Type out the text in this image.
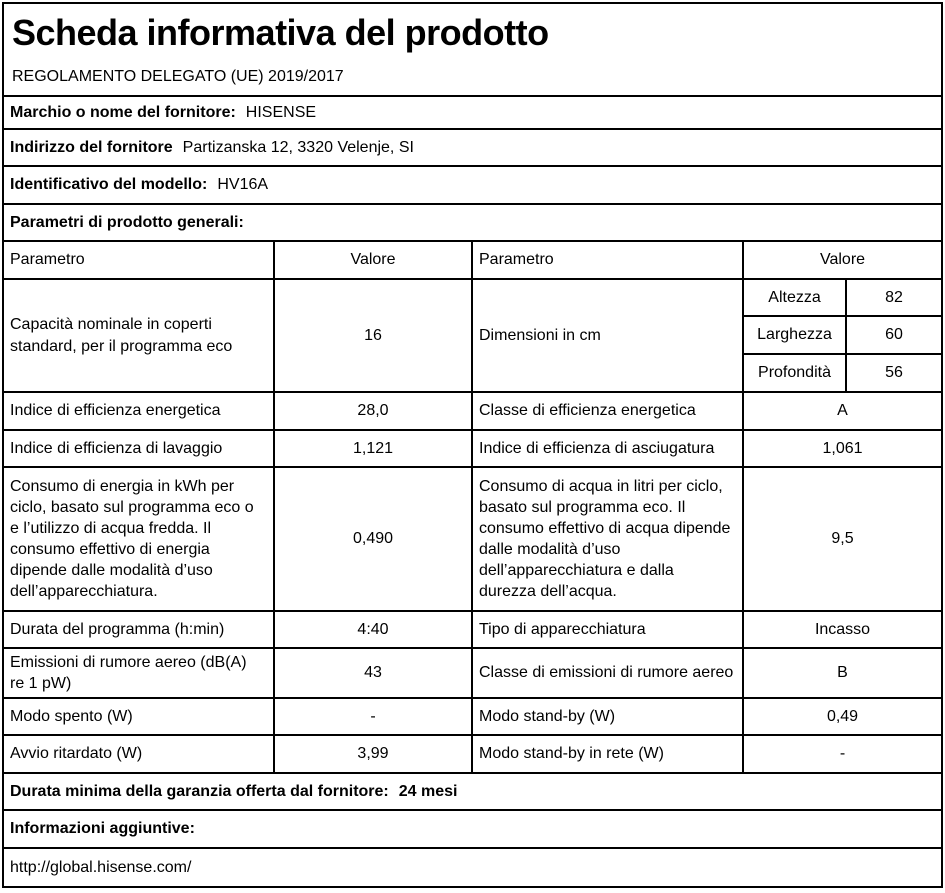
Scheda informativa del prodotto
REGOLAMENTO DELEGATO (UE) 2019/2017				

Marchio o nome del fornitore: HISENSE				
Indirizzo del fornitore Partizanska 12, 3320 Velenje, SI				
Identificativo del modello: HV16A				
Parametri di prodotto generali:				
Parametro	Valore	Parametro	Valore	
Capacità nominale in coperti standard, per il programma eco	16	Dimensioni in cm	Altezza	82
			Larghezza	60
			Profondità	56
Indice di efficienza energetica	28,0	Classe di efficienza energetica	A	
Indice di efficienza di lavaggio	1,121	Indice di efficienza di asciugatura	1,061	
Consumo di energia in kWh per ciclo, basato sul programma eco o e l’utilizzo di acqua fredda. Il consumo effettivo di energia dipende dalle modalità d’uso dell’apparecchiatura.	0,490	Consumo di acqua in litri per ciclo, basato sul programma eco. Il consumo effettivo di acqua dipende dalle modalità d’uso dell’apparecchiatura e dalla durezza dell’acqua.	9,5	
Durata del programma (h:min)	4:40	Tipo di apparecchiatura	Incasso	
Emissioni di rumore aereo (dB(A) re 1 pW)	43	Classe di emissioni di rumore aereo	B	
Modo spento (W)	-	Modo stand-by (W)	0,49	
Avvio ritardato (W)	3,99	Modo stand-by in rete (W)	-	
Durata minima della garanzia offerta dal fornitore: 24 mesi				
Informazioni aggiuntive:				
http://global.hisense.com/				
